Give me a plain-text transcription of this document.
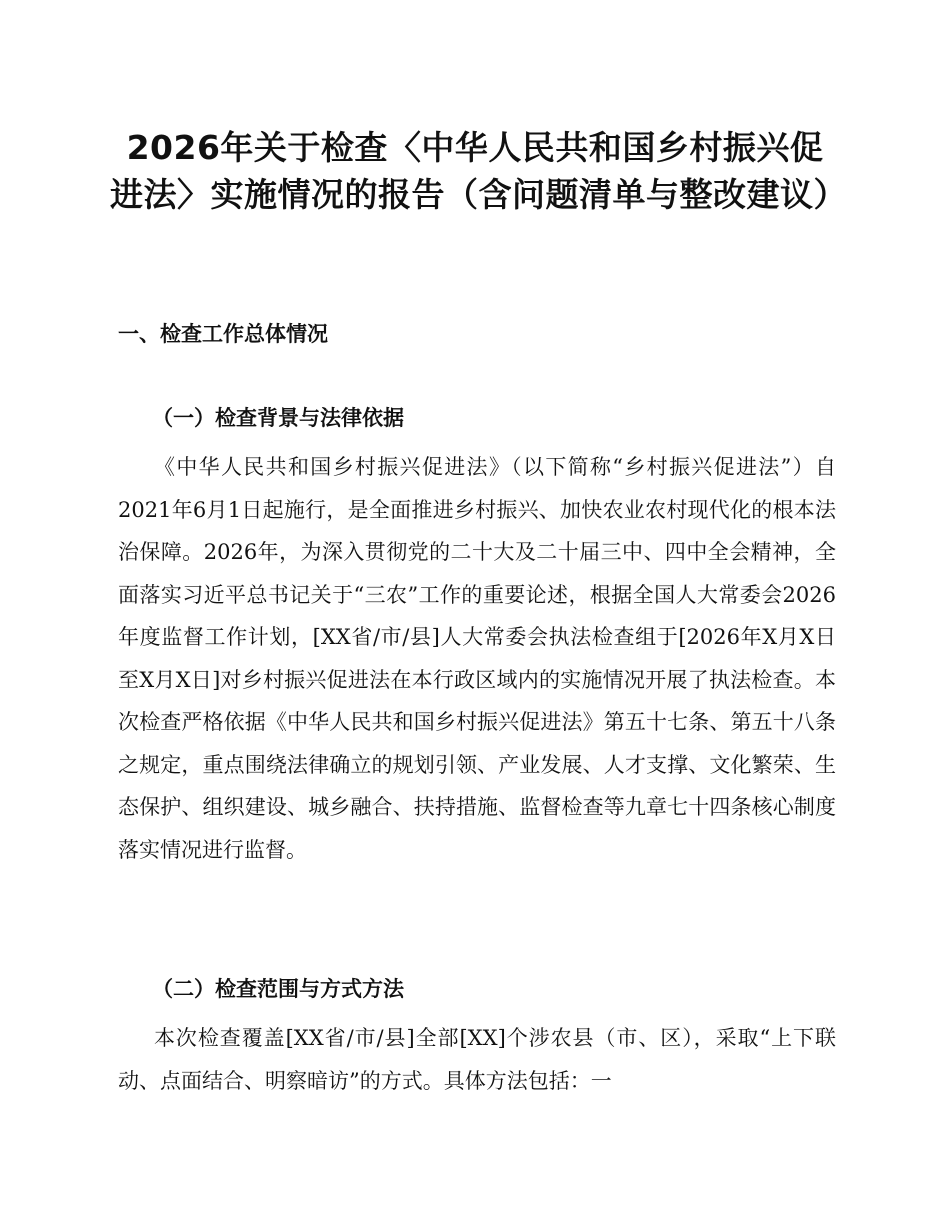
2026年关于检查〈中华人民共和国乡村振兴促进法〉实施情况的报告（含问题清单与整改建议）
一、检查工作总体情况
（一）检查背景与法律依据

《中华人民共和国乡村振兴促进法》（以下简称“乡村振兴促进法”）自2021年6月1日起施行，是全面推进乡村振兴、加快农业农村现代化的根本法治保障。2026年，为深入贯彻党的二十大及二十届三中、四中全会精神，全面落实习近平总书记关于“三农”工作的重要论述，根据全国人大常委会2026年度监督工作计划，[XX省/市/县]人大常委会执法检查组于[2026年X月X日至X月X日]对乡村振兴促进法在本行政区域内的实施情况开展了执法检查。本次检查严格依据《中华人民共和国乡村振兴促进法》第五十七条、第五十八条之规定，重点围绕法律确立的规划引领、产业发展、人才支撑、文化繁荣、生态保护、组织建设、城乡融合、扶持措施、监督检查等九章七十四条核心制度落实情况进行监督。

（二）检查范围与方式方法

本次检查覆盖[XX省/市/县]全部[XX]个涉农县（市、区），采取“上下联动、点面结合、明察暗访”的方式。具体方法包括：一
